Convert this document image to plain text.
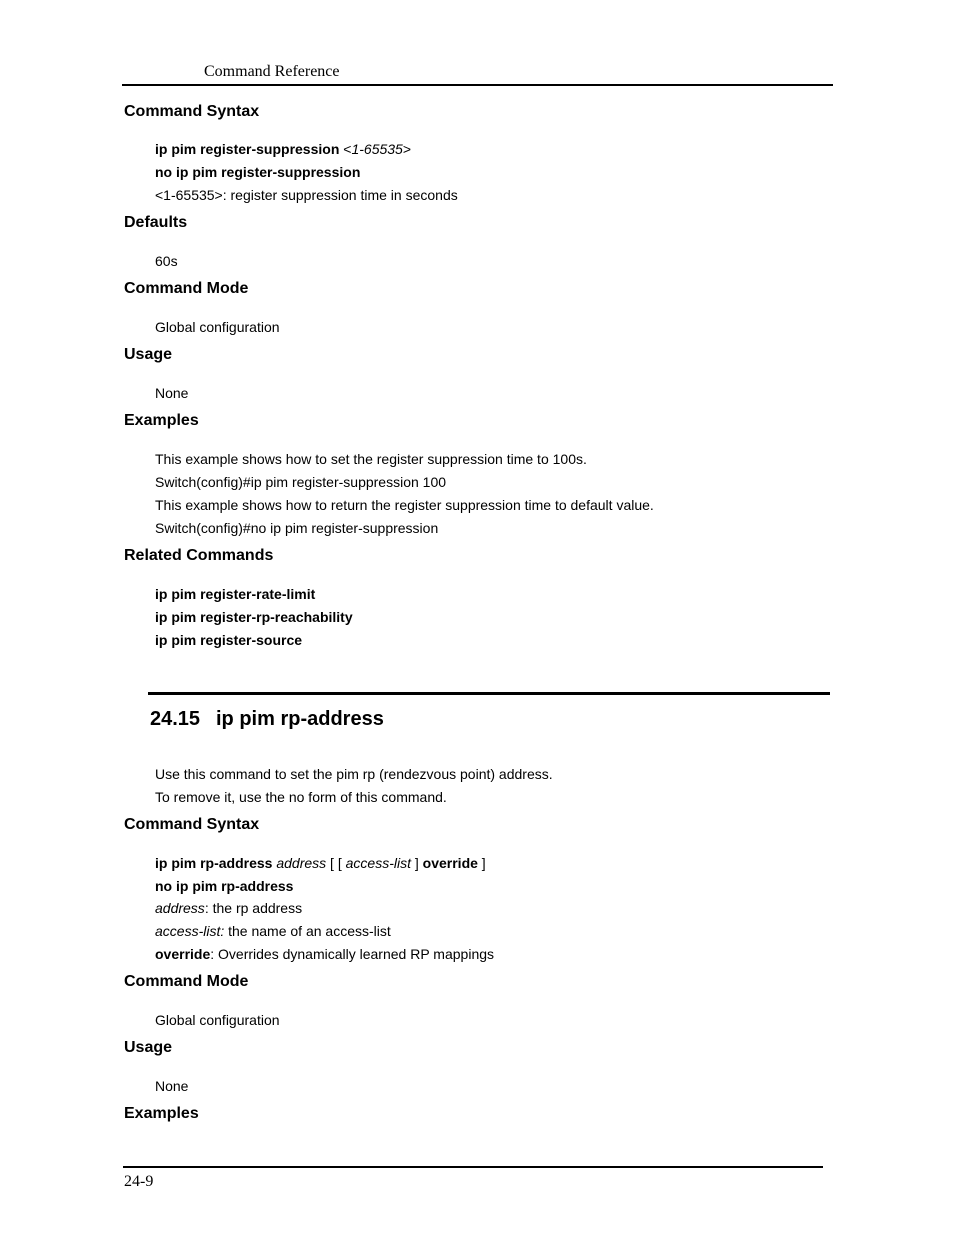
Command Reference
Command Syntax
ip pim register-suppression <1-65535>
no ip pim register-suppression
<1-65535>: register suppression time in seconds
Defaults
60s
Command Mode
Global configuration
Usage
None
Examples
This example shows how to set the register suppression time to 100s.
Switch(config)#ip pim register-suppression 100
This example shows how to return the register suppression time to default value.
Switch(config)#no ip pim register-suppression
Related Commands
ip pim register-rate-limit
ip pim register-rp-reachability
ip pim register-source
24.15 ip pim rp-address
Use this command to set the pim rp (rendezvous point) address.
To remove it, use the no form of this command.
Command Syntax
ip pim rp-address address [ [ access-list ] override ]
no ip pim rp-address
address: the rp address
access-list: the name of an access-list
override: Overrides dynamically learned RP mappings
Command Mode
Global configuration
Usage
None
Examples
24-9
